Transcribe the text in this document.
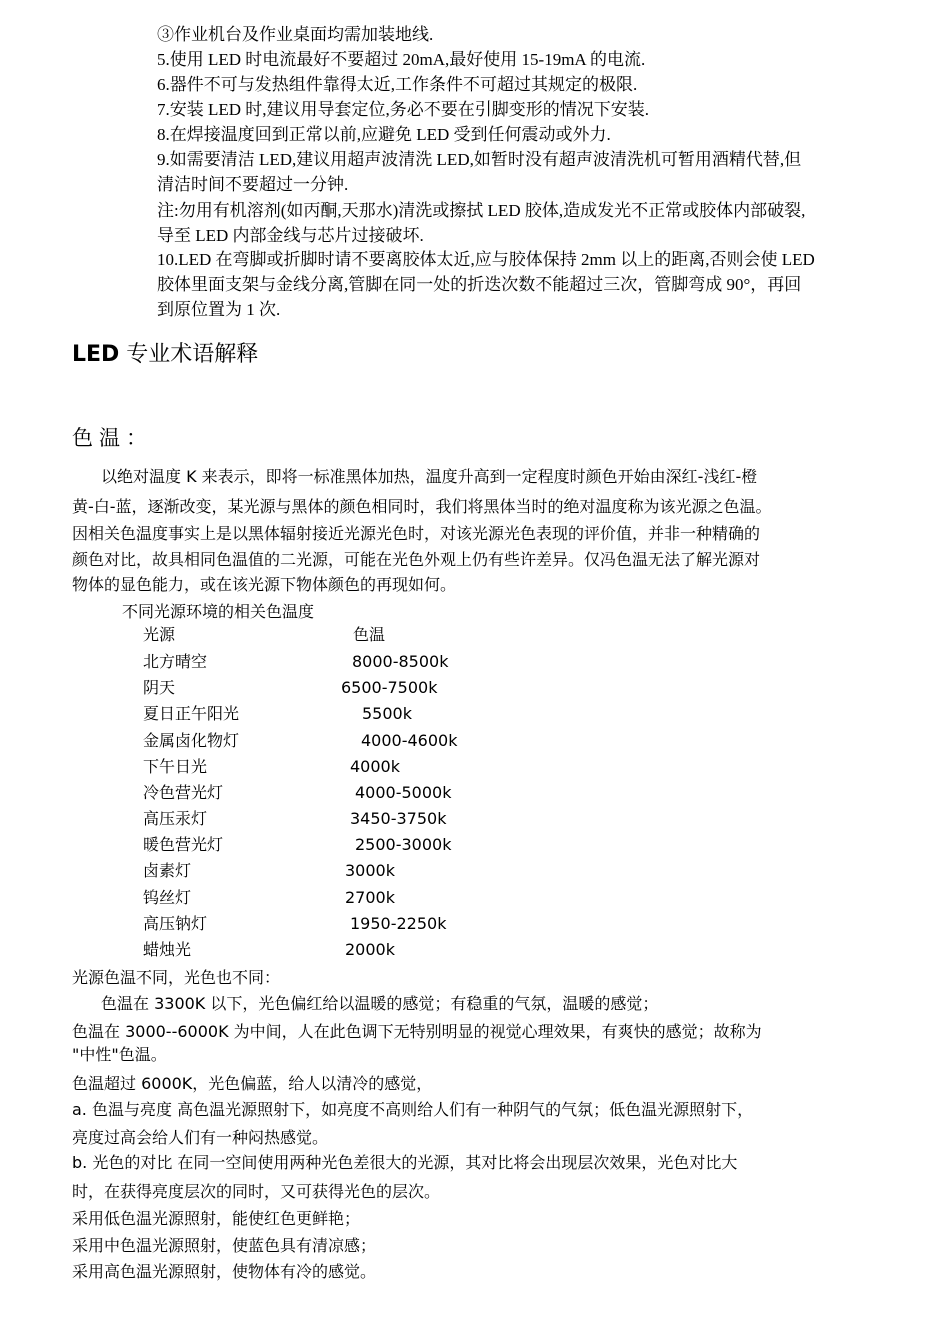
③作业机台及作业桌面均需加装地线.
5.使用 LED 时电流最好不要超过 20mA,最好使用 15-19mA 的电流.
6.器件不可与发热组件靠得太近,工作条件不可超过其规定的极限.
7.安装 LED 时,建议用导套定位,务必不要在引脚变形的情况下安装.
8.在焊接温度回到正常以前,应避免 LED 受到任何震动或外力.
9.如需要清洁 LED,建议用超声波清洗 LED,如暂时没有超声波清洗机可暂用酒精代替,但
清洁时间不要超过一分钟.
注:勿用有机溶剂(如丙酮,天那水)清洗或擦拭 LED 胶体,造成发光不正常或胶体内部破裂,
导至 LED 内部金线与芯片过接破坏.
10.LED 在弯脚或折脚时请不要离胶体太近,应与胶体保持 2mm 以上的距离,否则会使 LED
胶体里面支架与金线分离,管脚在同一处的折迭次数不能超过三次，管脚弯成 90°，再回
到原位置为 1 次.
LED 专业术语解释
色温：
以绝对温度 K 来表示，即将一标准黑体加热，温度升高到一定程度时颜色开始由深红-浅红-橙
黄-白-蓝，逐渐改变，某光源与黑体的颜色相同时，我们将黑体当时的绝对温度称为该光源之色温。
因相关色温度事实上是以黑体辐射接近光源光色时，对该光源光色表现的评价值，并非一种精确的
颜色对比，故具相同色温值的二光源，可能在光色外观上仍有些许差异。仅冯色温无法了解光源对
物体的显色能力，或在该光源下物体颜色的再现如何。
不同光源环境的相关色温度
光源	色温
北方晴空	8000-8500k
阴天	6500-7500k
夏日正午阳光	5500k
金属卤化物灯	4000-4600k
下午日光	4000k
冷色营光灯	4000-5000k
高压汞灯	3450-3750k
暖色营光灯	2500-3000k
卤素灯	3000k
钨丝灯	2700k
高压钠灯	1950-2250k
蜡烛光	2000k
光源色温不同，光色也不同：
色温在 3300K 以下，光色偏红给以温暖的感觉；有稳重的气氛，温暖的感觉；
色温在 3000--6000K 为中间，人在此色调下无特别明显的视觉心理效果，有爽快的感觉；故称为
"中性"色温。
色温超过 6000K，光色偏蓝，给人以清冷的感觉，
a. 色温与亮度 高色温光源照射下，如亮度不高则给人们有一种阴气的气氛；低色温光源照射下，
亮度过高会给人们有一种闷热感觉。
b. 光色的对比 在同一空间使用两种光色差很大的光源，其对比将会出现层次效果，光色对比大
时，在获得亮度层次的同时，又可获得光色的层次。
采用低色温光源照射，能使红色更鲜艳；
采用中色温光源照射，使蓝色具有清凉感；
采用高色温光源照射，使物体有冷的感觉。
